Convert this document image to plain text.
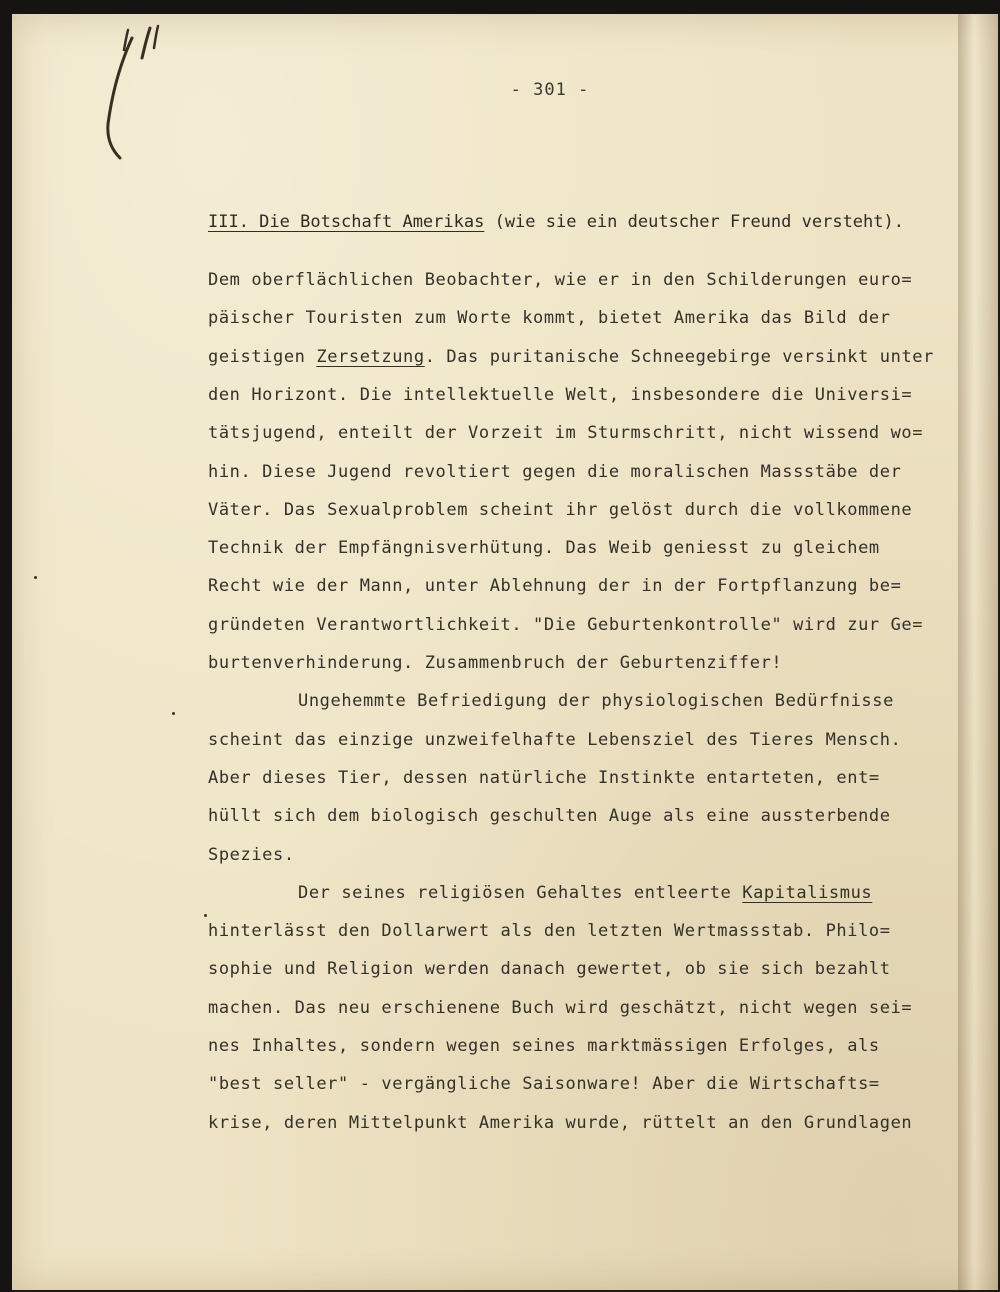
- 301 -
III. Die Botschaft Amerikas (wie sie ein deutscher Freund versteht).
Dem oberflächlichen Beobachter, wie er in den Schilderungen euro=
päischer Touristen zum Worte kommt, bietet Amerika das Bild der
geistigen Zersetzung. Das puritanische Schneegebirge versinkt unter
den Horizont. Die intellektuelle Welt, insbesondere die Universi=
tätsjugend, enteilt der Vorzeit im Sturmschritt, nicht wissend wo=
hin. Diese Jugend revoltiert gegen die moralischen Massstäbe der
Väter. Das Sexualproblem scheint ihr gelöst durch die vollkommene
Technik der Empfängnisverhütung. Das Weib geniesst zu gleichem
Recht wie der Mann, unter Ablehnung der in der Fortpflanzung be=
gründeten Verantwortlichkeit. "Die Geburtenkontrolle" wird zur Ge=
burtenverhinderung. Zusammenbruch der Geburtenziffer!
Ungehemmte Befriedigung der physiologischen Bedürfnisse
scheint das einzige unzweifelhafte Lebensziel des Tieres Mensch.
Aber dieses Tier, dessen natürliche Instinkte entarteten, ent=
hüllt sich dem biologisch geschulten Auge als eine aussterbende
Spezies.
Der seines religiösen Gehaltes entleerte Kapitalismus
hinterlässt den Dollarwert als den letzten Wertmassstab. Philo=
sophie und Religion werden danach gewertet, ob sie sich bezahlt
machen. Das neu erschienene Buch wird geschätzt, nicht wegen sei=
nes Inhaltes, sondern wegen seines marktmässigen Erfolges, als
"best seller" - vergängliche Saisonware! Aber die Wirtschafts=
krise, deren Mittelpunkt Amerika wurde, rüttelt an den Grundlagen
